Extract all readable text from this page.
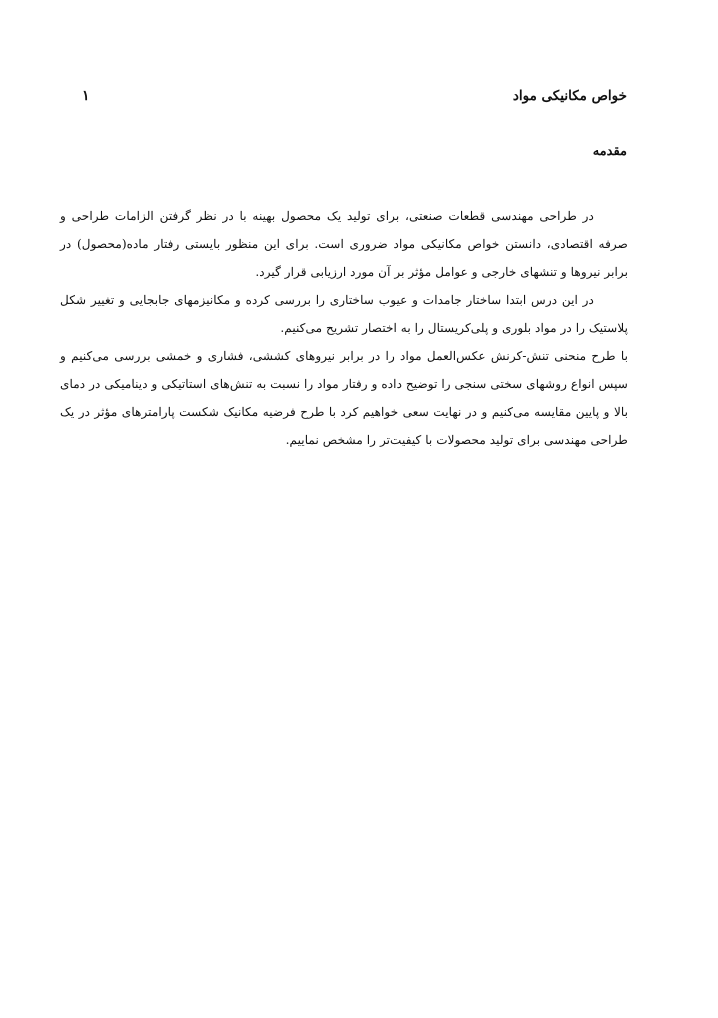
خواص مکانیکی مواد
۱
مقدمه

در طراحی مهندسی قطعات صنعتی، برای تولید یک محصول بهینه با در نظر گرفتن الزامات طراحی و صرفه اقتصادی، دانستن خواص مکانیکی مواد ضروری است. برای این منظور بایستی رفتار ماده(محصول) در برابر نیروها و تنشهای خارجی و عوامل مؤثر بر آن مورد ارزیابی قرار گیرد.

در این درس ابتدا ساختار جامدات و عیوب ساختاری را بررسی کرده و مکانیزمهای جابجایی و تغییر شکل پلاستیک را در مواد بلوری و پلی‌کریستال را به اختصار تشریح می‌کنیم.

با طرح منحنی تنش-کرنش عکس‌العمل مواد را در برابر نیروهای کششی، فشاری و خمشی بررسی می‌کنیم و سپس انواع روشهای سختی سنجی را توضیح داده و رفتار مواد را نسبت به تنش‌های استاتیکی و دینامیکی در دمای بالا و پایین مقایسه می‌کنیم و در نهایت سعی خواهیم کرد با طرح فرضیه مکانیک شکست پارامترهای مؤثر در یک طراحی مهندسی برای تولید محصولات با کیفیت‌تر را مشخص نماییم.
